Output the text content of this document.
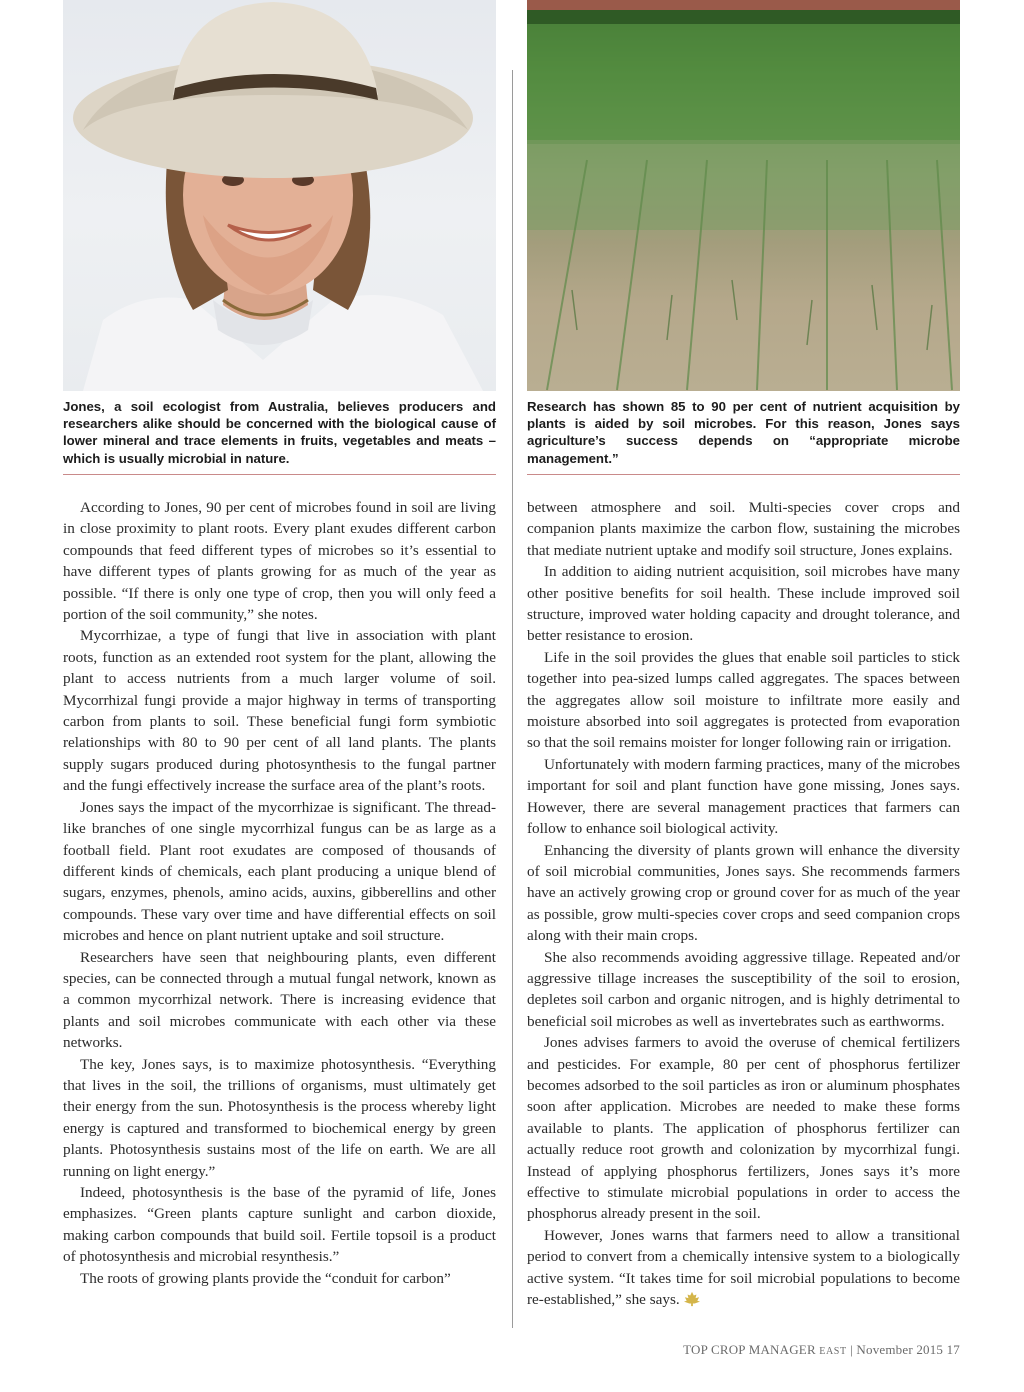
Jones, a soil ecologist from Australia, believes producers and researchers alike should be concerned with the biological cause of lower mineral and trace elements in fruits, vegetables and meats – which is usually microbial in nature.

Research has shown 85 to 90 per cent of nutrient acquisition by plants is aided by soil microbes. For this reason, Jones says agriculture’s success depends on “appropriate microbe management.”

According to Jones, 90 per cent of microbes found in soil are living in close proximity to plant roots. Every plant exudes different carbon compounds that feed different types of microbes so it’s essential to have different types of plants growing for as much of the year as possible. “If there is only one type of crop, then you will only feed a portion of the soil community,” she notes.

Mycorrhizae, a type of fungi that live in association with plant roots, function as an extended root system for the plant, allowing the plant to access nutrients from a much larger volume of soil. Mycorrhizal fungi provide a major highway in terms of transporting carbon from plants to soil. These beneficial fungi form symbiotic relationships with 80 to 90 per cent of all land plants. The plants supply sugars produced during photosynthesis to the fungal partner and the fungi effectively increase the surface area of the plant’s roots.

Jones says the impact of the mycorrhizae is significant. The thread-like branches of one single mycorrhizal fungus can be as large as a football field. Plant root exudates are composed of thousands of different kinds of chemicals, each plant producing a unique blend of sugars, enzymes, phenols, amino acids, auxins, gibberellins and other compounds. These vary over time and have differential effects on soil microbes and hence on plant nutrient uptake and soil structure.

Researchers have seen that neighbouring plants, even different species, can be connected through a mutual fungal network, known as a common mycorrhizal network. There is increasing evidence that plants and soil microbes communicate with each other via these networks.

The key, Jones says, is to maximize photosynthesis. “Everything that lives in the soil, the trillions of organisms, must ultimately get their energy from the sun. Photosynthesis is the process whereby light energy is captured and transformed to biochemical energy by green plants. Photosynthesis sustains most of the life on earth. We are all running on light energy.”

Indeed, photosynthesis is the base of the pyramid of life, Jones emphasizes. “Green plants capture sunlight and carbon dioxide, making carbon compounds that build soil. Fertile topsoil is a product of photosynthesis and microbial resynthesis.”

The roots of growing plants provide the “conduit for carbon”

between atmosphere and soil. Multi-species cover crops and companion plants maximize the carbon flow, sustaining the microbes that mediate nutrient uptake and modify soil structure, Jones explains.

In addition to aiding nutrient acquisition, soil microbes have many other positive benefits for soil health. These include improved soil structure, improved water holding capacity and drought tolerance, and better resistance to erosion.

Life in the soil provides the glues that enable soil particles to stick together into pea-sized lumps called aggregates. The spaces between the aggregates allow soil moisture to infiltrate more easily and moisture absorbed into soil aggregates is protected from evaporation so that the soil remains moister for longer following rain or irrigation.

Unfortunately with modern farming practices, many of the microbes important for soil and plant function have gone missing, Jones says. However, there are several management practices that farmers can follow to enhance soil biological activity.

Enhancing the diversity of plants grown will enhance the diversity of soil microbial communities, Jones says. She recommends farmers have an actively growing crop or ground cover for as much of the year as possible, grow multi-species cover crops and seed companion crops along with their main crops.

She also recommends avoiding aggressive tillage. Repeated and/or aggressive tillage increases the susceptibility of the soil to erosion, depletes soil carbon and organic nitrogen, and is highly detrimental to beneficial soil microbes as well as invertebrates such as earthworms.

Jones advises farmers to avoid the overuse of chemical fertilizers and pesticides. For example, 80 per cent of phosphorus fertilizer becomes adsorbed to the soil particles as iron or aluminum phosphates soon after application. Microbes are needed to make these forms available to plants. The application of phosphorus fertilizer can actually reduce root growth and colonization by mycorrhizal fungi. Instead of applying phosphorus fertilizers, Jones says it’s more effective to stimulate microbial populations in order to access the phosphorus already present in the soil.

However, Jones warns that farmers need to allow a transitional period to convert from a chemically intensive system to a biologically active system. “It takes time for soil microbial populations to become re-established,” she says.

TOP CROP MANAGER EAST | November 2015 17
